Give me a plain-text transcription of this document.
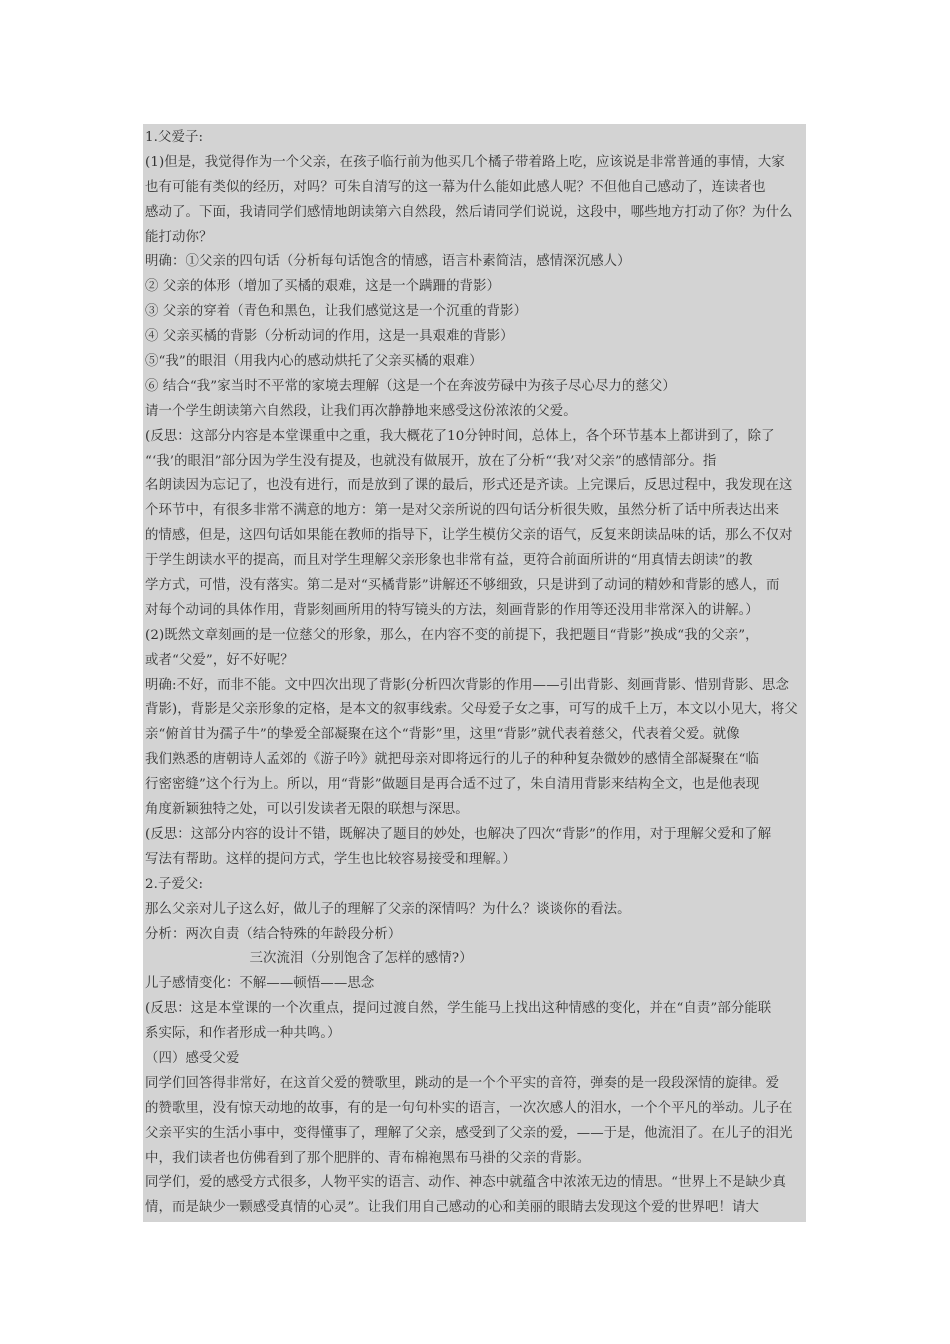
1.父爱子:
(1)但是，我觉得作为一个父亲，在孩子临行前为他买几个橘子带着路上吃，应该说是非常普通的事情，大家
也有可能有类似的经历，对吗？可朱自清写的这一幕为什么能如此感人呢？不但他自己感动了，连读者也
感动了。下面，我请同学们感情地朗读第六自然段，然后请同学们说说，这段中，哪些地方打动了你？为什么
能打动你？
明确：①父亲的四句话（分析每句话饱含的情感，语言朴素简洁，感情深沉感人）
② 父亲的体形（增加了买橘的艰难，这是一个蹒跚的背影）
③ 父亲的穿着（青色和黑色，让我们感觉这是一个沉重的背影）
④ 父亲买橘的背影（分析动词的作用，这是一具艰难的背影）
⑤“我”的眼泪（用我内心的感动烘托了父亲买橘的艰难）
⑥ 结合“我”家当时不平常的家境去理解（这是一个在奔波劳碌中为孩子尽心尽力的慈父）
请一个学生朗读第六自然段，让我们再次静静地来感受这份浓浓的父爱。
(反思：这部分内容是本堂课重中之重，我大概花了10分钟时间，总体上，各个环节基本上都讲到了，除了
“‘我’的眼泪”部分因为学生没有提及，也就没有做展开，放在了分析“‘我’对父亲”的感情部分。指
名朗读因为忘记了，也没有进行，而是放到了课的最后，形式还是齐读。上完课后，反思过程中，我发现在这
个环节中，有很多非常不满意的地方：第一是对父亲所说的四句话分析很失败，虽然分析了话中所表达出来
的情感，但是，这四句话如果能在教师的指导下，让学生模仿父亲的语气，反复来朗读品味的话，那么不仅对
于学生朗读水平的提高，而且对学生理解父亲形象也非常有益，更符合前面所讲的“用真情去朗读”的教
学方式，可惜，没有落实。第二是对“买橘背影”讲解还不够细致，只是讲到了动词的精妙和背影的感人，而
对每个动词的具体作用，背影刻画所用的特写镜头的方法，刻画背影的作用等还没用非常深入的讲解。）
(2)既然文章刻画的是一位慈父的形象，那么，在内容不变的前提下，我把题目“背影”换成“我的父亲”，
或者“父爱”，好不好呢？
明确:不好，而非不能。文中四次出现了背影(分析四次背影的作用——引出背影、刻画背影、惜别背影、思念
背影)，背影是父亲形象的定格，是本文的叙事线索。父母爱子女之事，可写的成千上万，本文以小见大，将父
亲“俯首甘为孺子牛”的挚爱全部凝聚在这个“背影”里，这里“背影”就代表着慈父，代表着父爱。就像
我们熟悉的唐朝诗人孟郊的《游子吟》就把母亲对即将远行的儿子的种种复杂微妙的感情全部凝聚在“临
行密密缝”这个行为上。所以，用“背影”做题目是再合适不过了，朱自清用背影来结构全文，也是他表现
角度新颖独特之处，可以引发读者无限的联想与深思。
(反思：这部分内容的设计不错，既解决了题目的妙处，也解决了四次“背影”的作用，对于理解父爱和了解
写法有帮助。这样的提问方式，学生也比较容易接受和理解。）
2.子爱父:
那么父亲对儿子这么好，做儿子的理解了父亲的深情吗？为什么？谈谈你的看法。
分析：两次自责（结合特殊的年龄段分析）
三次流泪（分别饱含了怎样的感情?）
儿子感情变化：不解——顿悟——思念
(反思：这是本堂课的一个次重点，提问过渡自然，学生能马上找出这种情感的变化，并在“自责”部分能联
系实际，和作者形成一种共鸣。）
（四）感受父爱
同学们回答得非常好，在这首父爱的赞歌里，跳动的是一个个平实的音符，弹奏的是一段段深情的旋律。爱
的赞歌里，没有惊天动地的故事，有的是一句句朴实的语言，一次次感人的泪水，一个个平凡的举动。儿子在
父亲平实的生活小事中，变得懂事了，理解了父亲，感受到了父亲的爱，——于是，他流泪了。在儿子的泪光
中，我们读者也仿佛看到了那个肥胖的、青布棉袍黑布马褂的父亲的背影。
同学们，爱的感受方式很多，人物平实的语言、动作、神态中就蕴含中浓浓无边的情思。“世界上不是缺少真
情，而是缺少一颗感受真情的心灵”。让我们用自己感动的心和美丽的眼睛去发现这个爱的世界吧！请大
